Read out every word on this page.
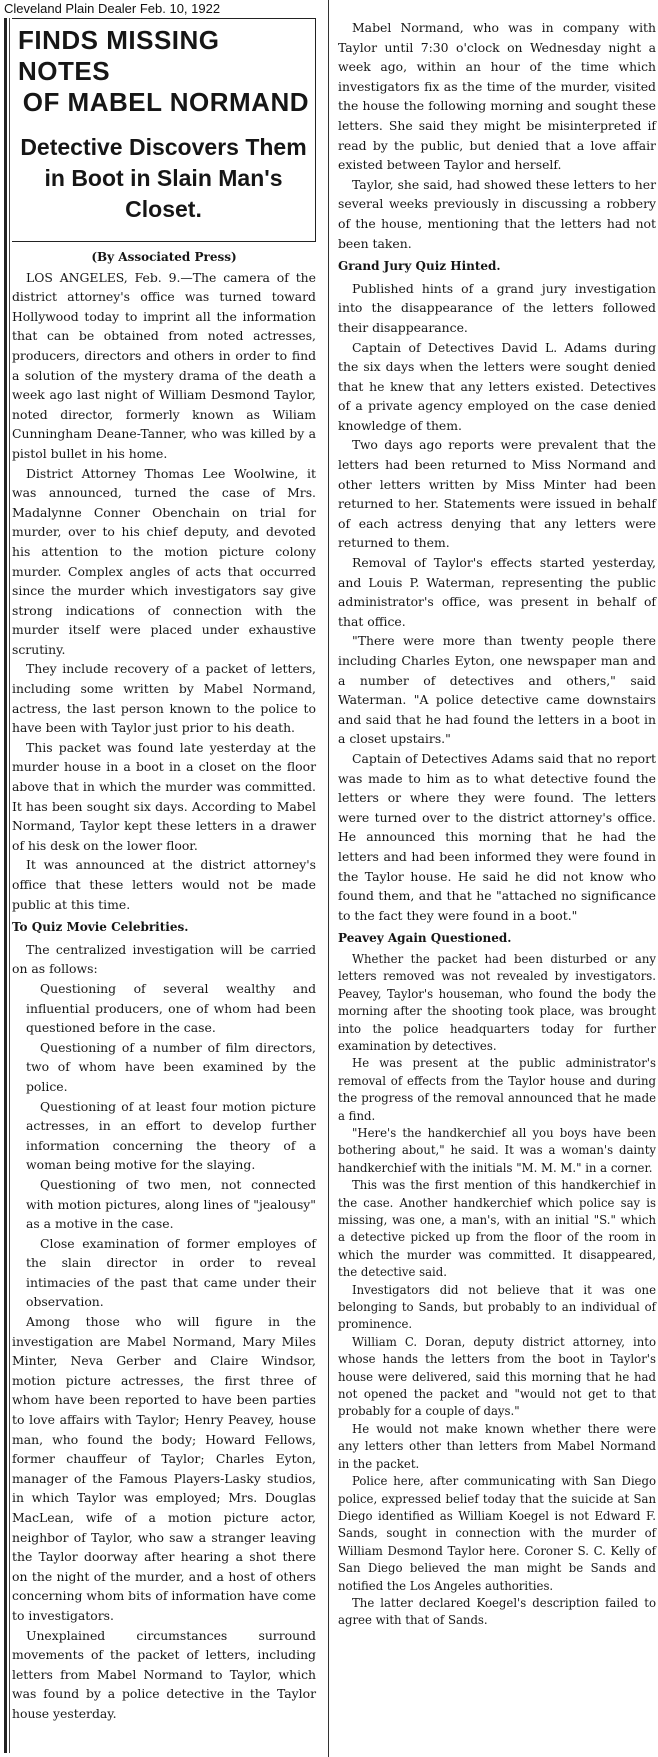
Cleveland Plain Dealer Feb. 10, 1922
FINDS MISSING NOTES
OF MABEL NORMAND
Detective Discovers Them in Boot in Slain Man's Closet.
(By Associated Press)

LOS ANGELES, Feb. 9.—The camera of the district attorney's office was turned toward Hollywood today to imprint all the information that can be obtained from noted actresses, producers, directors and others in order to find a solution of the mystery drama of the death a week ago last night of William Desmond Taylor, noted director, formerly known as Wiliam Cunningham Deane-Tanner, who was killed by a pistol bullet in his home.

District Attorney Thomas Lee Woolwine, it was announced, turned the case of Mrs. Madalynne Conner Obenchain on trial for murder, over to his chief deputy, and devoted his attention to the motion picture colony murder. Complex angles of acts that occurred since the murder which investigators say give strong indications of connection with the murder itself were placed under exhaustive scrutiny.

They include recovery of a packet of letters, including some written by Mabel Normand, actress, the last person known to the police to have been with Taylor just prior to his death.

This packet was found late yesterday at the murder house in a boot in a closet on the floor above that in which the murder was committed. It has been sought six days. According to Mabel Normand, Taylor kept these letters in a drawer of his desk on the lower floor.

It was announced at the district attorney's office that these letters would not be made public at this time.

To Quiz Movie Celebrities.

The centralized investigation will be carried on as follows:

Questioning of several wealthy and influential producers, one of whom had been questioned before in the case.

Questioning of a number of film directors, two of whom have been examined by the police.

Questioning of at least four motion picture actresses, in an effort to develop further information concerning the theory of a woman being motive for the slaying.

Questioning of two men, not connected with motion pictures, along lines of "jealousy" as a motive in the case.

Close examination of former employes of the slain director in order to reveal intimacies of the past that came under their observation.

Among those who will figure in the investigation are Mabel Normand, Mary Miles Minter, Neva Gerber and Claire Windsor, motion picture actresses, the first three of whom have been reported to have been parties to love affairs with Taylor; Henry Peavey, house man, who found the body; Howard Fellows, former chauffeur of Taylor; Charles Eyton, manager of the Famous Players-Lasky studios, in which Taylor was employed; Mrs. Douglas MacLean, wife of a motion picture actor, neighbor of Taylor, who saw a stranger leaving the Taylor doorway after hearing a shot there on the night of the murder, and a host of others concerning whom bits of information have come to investigators.

Unexplained circumstances surround movements of the packet of letters, including letters from Mabel Normand to Taylor, which was found by a police detective in the Taylor house yesterday.

Mabel Normand, who was in company with Taylor until 7:30 o'clock on Wednesday night a week ago, within an hour of the time which investigators fix as the time of the murder, visited the house the following morning and sought these letters. She said they might be misinterpreted if read by the public, but denied that a love affair existed between Taylor and herself.

Taylor, she said, had showed these letters to her several weeks previously in discussing a robbery of the house, mentioning that the letters had not been taken.

Grand Jury Quiz Hinted.

Published hints of a grand jury investigation into the disappearance of the letters followed their disappearance.

Captain of Detectives David L. Adams during the six days when the letters were sought denied that he knew that any letters existed. Detectives of a private agency employed on the case denied knowledge of them.

Two days ago reports were prevalent that the letters had been returned to Miss Normand and other letters written by Miss Minter had been returned to her. Statements were issued in behalf of each actress denying that any letters were returned to them.

Removal of Taylor's effects started yesterday, and Louis P. Waterman, representing the public administrator's office, was present in behalf of that office.

"There were more than twenty people there including Charles Eyton, one newspaper man and a number of detectives and others," said Waterman. "A police detective came downstairs and said that he had found the letters in a boot in a closet upstairs."

Captain of Detectives Adams said that no report was made to him as to what detective found the letters or where they were found. The letters were turned over to the district attorney's office. He announced this morning that he had the letters and had been informed they were found in the Taylor house. He said he did not know who found them, and that he "attached no significance to the fact they were found in a boot."

Peavey Again Questioned.

Whether the packet had been disturbed or any letters removed was not revealed by investigators. Peavey, Taylor's houseman, who found the body the morning after the shooting took place, was brought into the police headquarters today for further examination by detectives.

He was present at the public administrator's removal of effects from the Taylor house and during the progress of the removal announced that he made a find.

"Here's the handkerchief all you boys have been bothering about," he said. It was a woman's dainty handkerchief with the initials "M. M. M." in a corner.

This was the first mention of this handkerchief in the case. Another handkerchief which police say is missing, was one, a man's, with an initial "S." which a detective picked up from the floor of the room in which the murder was committed. It disappeared, the detective said.

Investigators did not believe that it was one belonging to Sands, but probably to an individual of prominence.

William C. Doran, deputy district attorney, into whose hands the letters from the boot in Taylor's house were delivered, said this morning that he had not opened the packet and "would not get to that probably for a couple of days."

He would not make known whether there were any letters other than letters from Mabel Normand in the packet.

Police here, after communicating with San Diego police, expressed belief today that the suicide at San Diego identified as William Koegel is not Edward F. Sands, sought in connection with the murder of William Desmond Taylor here. Coroner S. C. Kelly of San Diego believed the man might be Sands and notified the Los Angeles authorities.

The latter declared Koegel's description failed to agree with that of Sands.
